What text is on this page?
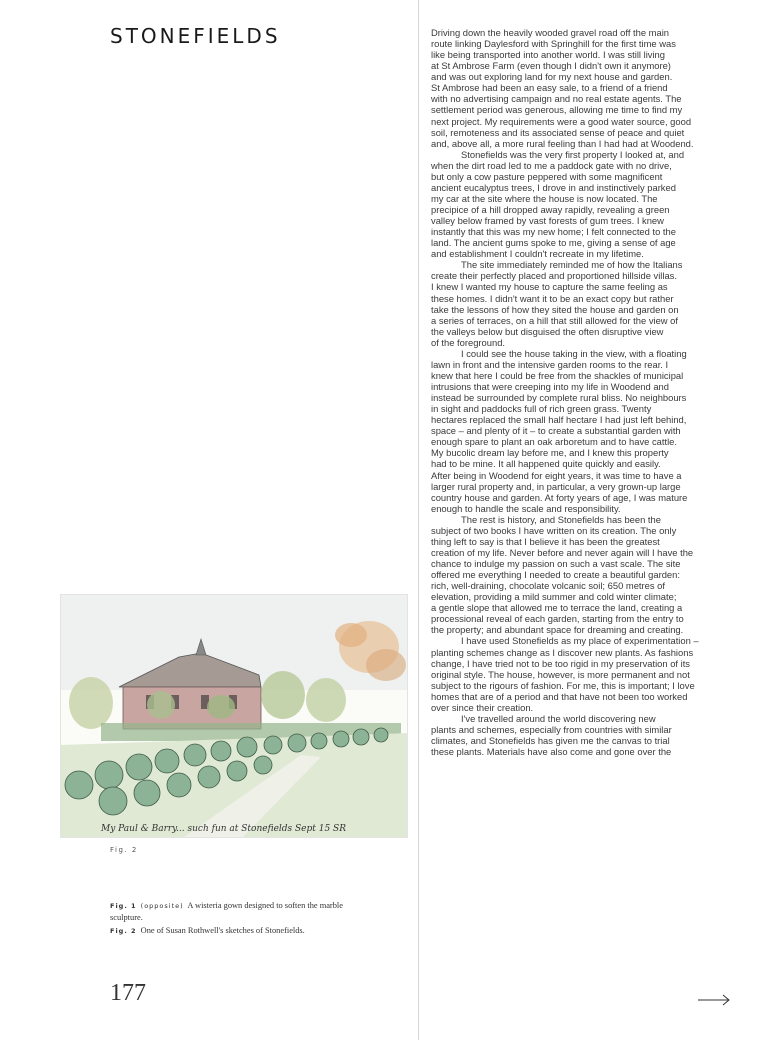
STONEFIELDS
My Paul & Barry... such fun at Stonefields Sept 15 SR
Fig. 2
Fig. 1 (opposite) A wisteria gown designed to soften the marble sculpture.
Fig. 2 One of Susan Rothwell's sketches of Stonefields.
177
Driving down the heavily wooded gravel road off the main
route linking Daylesford with Springhill for the first time was
like being transported into another world. I was still living
at St Ambrose Farm (even though I didn't own it anymore)
and was out exploring land for my next house and garden.
St Ambrose had been an easy sale, to a friend of a friend
with no advertising campaign and no real estate agents. The
settlement period was generous, allowing me time to find my
next project. My requirements were a good water source, good
soil, remoteness and its associated sense of peace and quiet
and, above all, a more rural feeling than I had had at Woodend.
Stonefields was the very first property I looked at, and
when the dirt road led to me a paddock gate with no drive,
but only a cow pasture peppered with some magnificent
ancient eucalyptus trees, I drove in and instinctively parked
my car at the site where the house is now located. The
precipice of a hill dropped away rapidly, revealing a green
valley below framed by vast forests of gum trees. I knew
instantly that this was my new home; I felt connected to the
land. The ancient gums spoke to me, giving a sense of age
and establishment I couldn't recreate in my lifetime.
The site immediately reminded me of how the Italians
create their perfectly placed and proportioned hillside villas.
I knew I wanted my house to capture the same feeling as
these homes. I didn't want it to be an exact copy but rather
take the lessons of how they sited the house and garden on
a series of terraces, on a hill that still allowed for the view of
the valleys below but disguised the often disruptive view
of the foreground.
I could see the house taking in the view, with a floating
lawn in front and the intensive garden rooms to the rear. I
knew that here I could be free from the shackles of municipal
intrusions that were creeping into my life in Woodend and
instead be surrounded by complete rural bliss. No neighbours
in sight and paddocks full of rich green grass. Twenty
hectares replaced the small half hectare I had just left behind,
space – and plenty of it – to create a substantial garden with
enough spare to plant an oak arboretum and to have cattle.
My bucolic dream lay before me, and I knew this property
had to be mine. It all happened quite quickly and easily.
After being in Woodend for eight years, it was time to have a
larger rural property and, in particular, a very grown-up large
country house and garden. At forty years of age, I was mature
enough to handle the scale and responsibility.
The rest is history, and Stonefields has been the
subject of two books I have written on its creation. The only
thing left to say is that I believe it has been the greatest
creation of my life. Never before and never again will I have the
chance to indulge my passion on such a vast scale. The site
offered me everything I needed to create a beautiful garden:
rich, well-draining, chocolate volcanic soil; 650 metres of
elevation, providing a mild summer and cold winter climate;
a gentle slope that allowed me to terrace the land, creating a
processional reveal of each garden, starting from the entry to
the property; and abundant space for dreaming and creating.
I have used Stonefields as my place of experimentation –
planting schemes change as I discover new plants. As fashions
change, I have tried not to be too rigid in my preservation of its
original style. The house, however, is more permanent and not
subject to the rigours of fashion. For me, this is important; I love
homes that are of a period and that have not been too worked
over since their creation.
I've travelled around the world discovering new
plants and schemes, especially from countries with similar
climates, and Stonefields has given me the canvas to trial
these plants. Materials have also come and gone over the
